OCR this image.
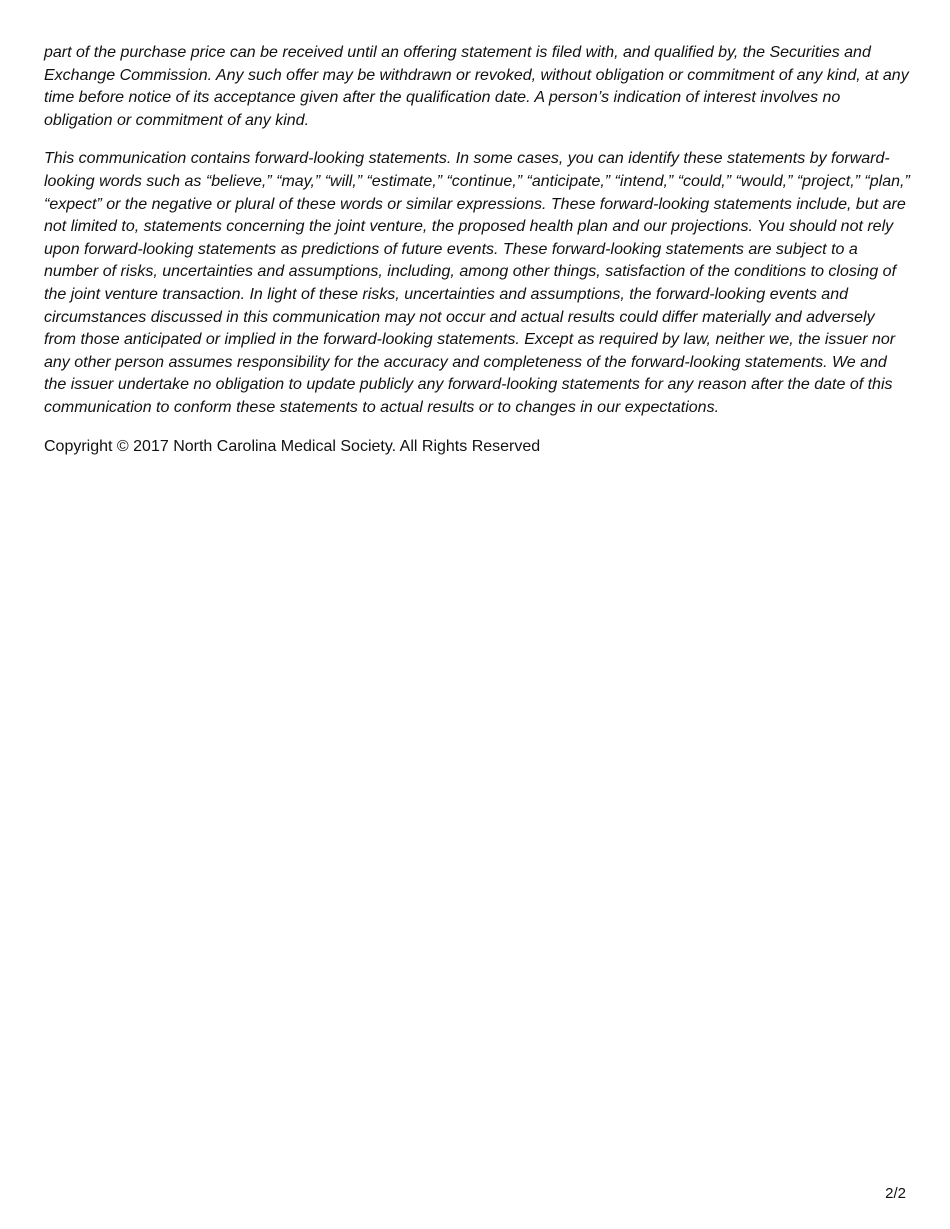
part of the purchase price can be received until an offering statement is filed with, and qualified by, the Securities and Exchange Commission. Any such offer may be withdrawn or revoked, without obligation or commitment of any kind, at any time before notice of its acceptance given after the qualification date. A person’s indication of interest involves no obligation or commitment of any kind.

This communication contains forward-looking statements. In some cases, you can identify these statements by forward-looking words such as “believe,” “may,” “will,” “estimate,” “continue,” “anticipate,” “intend,” “could,” “would,” “project,” “plan,” “expect” or the negative or plural of these words or similar expressions. These forward-looking statements include, but are not limited to, statements concerning the joint venture, the proposed health plan and our projections. You should not rely upon forward-looking statements as predictions of future events. These forward-looking statements are subject to a number of risks, uncertainties and assumptions, including, among other things, satisfaction of the conditions to closing of the joint venture transaction. In light of these risks, uncertainties and assumptions, the forward-looking events and circumstances discussed in this communication may not occur and actual results could differ materially and adversely from those anticipated or implied in the forward-looking statements. Except as required by law, neither we, the issuer nor any other person assumes responsibility for the accuracy and completeness of the forward-looking statements. We and the issuer undertake no obligation to update publicly any forward-looking statements for any reason after the date of this communication to conform these statements to actual results or to changes in our expectations.

Copyright © 2017 North Carolina Medical Society. All Rights Reserved

2/2
